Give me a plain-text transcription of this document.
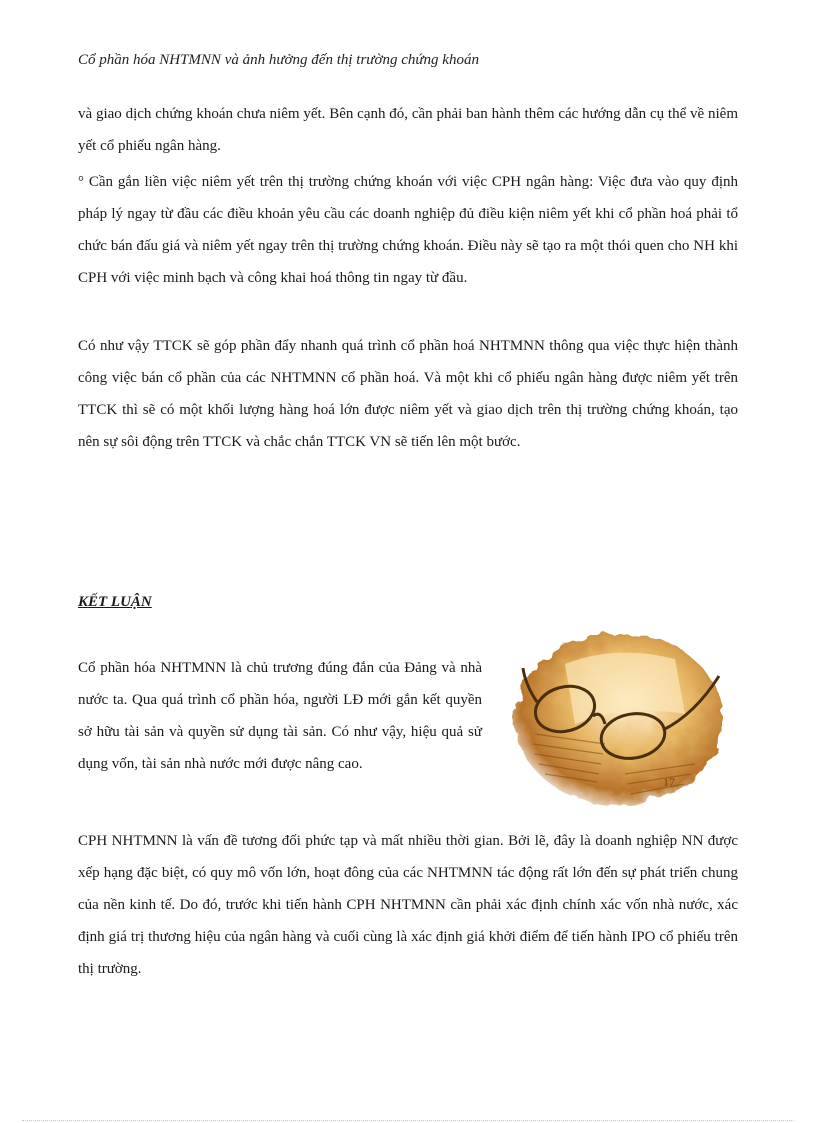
Cổ phần hóa NHTMNN và ảnh hưởng đến thị trường chứng khoán

và giao dịch chứng khoán chưa niêm yết. Bên cạnh đó, cần phải ban hành thêm các hướng dẫn cụ thể về niêm yết cổ phiếu ngân hàng.

° Cần gắn liền việc niêm yết trên thị trường chứng khoán với việc CPH ngân hàng: Việc đưa vào quy định pháp lý ngay từ đầu các điều khoản yêu cầu các doanh nghiệp đủ điều kiện niêm yết khi cổ phần hoá phải tổ chức bán đấu giá và niêm yết ngay trên thị trường chứng khoán. Điều này sẽ tạo ra một thói quen cho NH khi CPH với việc minh bạch và công khai hoá thông tin ngay từ đầu.

Có như vậy TTCK sẽ góp phần đẩy nhanh quá trình cổ phần hoá NHTMNN thông qua việc thực hiện thành công việc bán cổ phần của các NHTMNN cổ phần hoá. Và một khi cổ phiếu ngân hàng được niêm yết trên TTCK thì sẽ có một khối lượng hàng hoá lớn được niêm yết và giao dịch trên thị trường chứng khoán, tạo nên sự sôi động trên TTCK và chắc chắn TTCK VN sẽ tiến lên một bước.

KẾT LUẬN

Cổ phần hóa NHTMNN là chủ trương đúng đắn của Đảng và nhà nước ta. Qua quá trình cổ phần hóa, người LĐ mới gắn kết quyền sở hữu tài sản và quyền sử dụng tài sản. Có như vậy, hiệu quả sử dụng vốn, tài sản nhà nước mới được nâng cao.

17

CPH NHTMNN là vấn đề tương đối phức tạp và mất nhiều thời gian. Bởi lẽ, đây là doanh nghiệp NN được xếp hạng đặc biệt, có quy mô vốn lớn, hoạt đông của các NHTMNN tác động rất lớn đến sự phát triển chung của nền kinh tế. Do đó, trước khi tiến hành CPH NHTMNN cần phải xác định chính xác vốn nhà nước, xác định giá trị thương hiệu của ngân hàng và cuối cùng là xác định giá khởi điểm để tiến hành IPO cổ phiếu trên thị trường.
